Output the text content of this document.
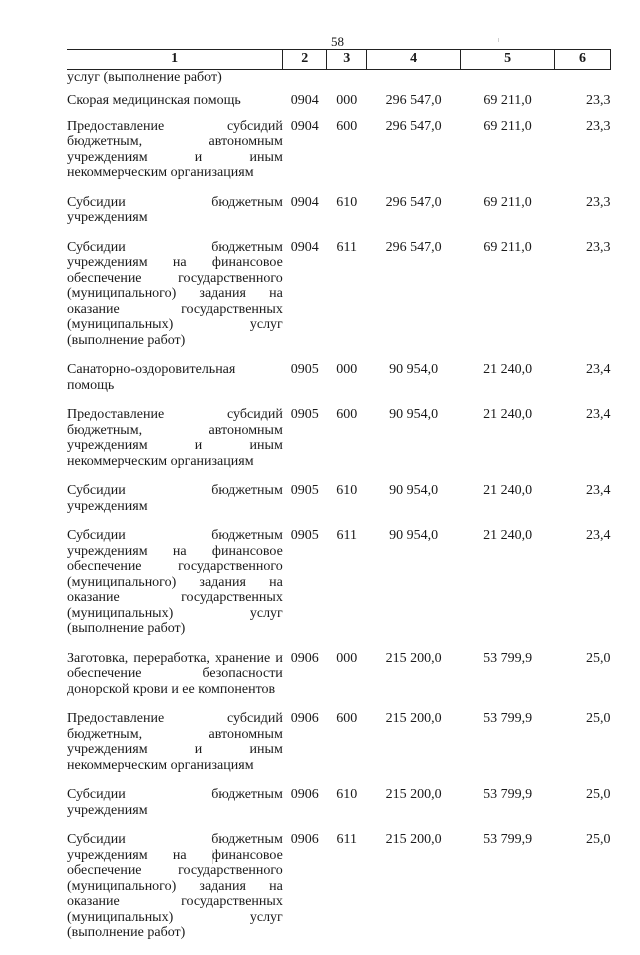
58
1	2	3	4	5	6
услуг (выполнение работ)					
Скорая медицинская помощь	0904	000	296 547,0	69 211,0	23,3
Предоставление субсидий бюджетным, автономным учреждениям и иным некоммерческим организациям	0904	600	296 547,0	69 211,0	23,3
Субсидии бюджетным учреждениям	0904	610	296 547,0	69 211,0	23,3
Субсидии бюджетным учреждениям на финансовое обеспечение государственного (муниципального) задания на оказание государственных (муниципальных) услуг (выполнение работ)	0904	611	296 547,0	69 211,0	23,3
Санаторно-оздоровительная помощь	0905	000	90 954,0	21 240,0	23,4
Предоставление субсидий бюджетным, автономным учреждениям и иным некоммерческим организациям	0905	600	90 954,0	21 240,0	23,4
Субсидии бюджетным учреждениям	0905	610	90 954,0	21 240,0	23,4
Субсидии бюджетным учреждениям на финансовое обеспечение государственного (муниципального) задания на оказание государственных (муниципальных) услуг (выполнение работ)	0905	611	90 954,0	21 240,0	23,4
Заготовка, переработка, хранение и обеспечение безопасности донорской крови и ее компонентов	0906	000	215 200,0	53 799,9	25,0
Предоставление субсидий бюджетным, автономным учреждениям и иным некоммерческим организациям	0906	600	215 200,0	53 799,9	25,0
Субсидии бюджетным учреждениям	0906	610	215 200,0	53 799,9	25,0
Субсидии бюджетным учреждениям на финансовое обеспечение государственного (муниципального) задания на оказание государственных (муниципальных) услуг (выполнение работ)	0906	611	215 200,0	53 799,9	25,0
